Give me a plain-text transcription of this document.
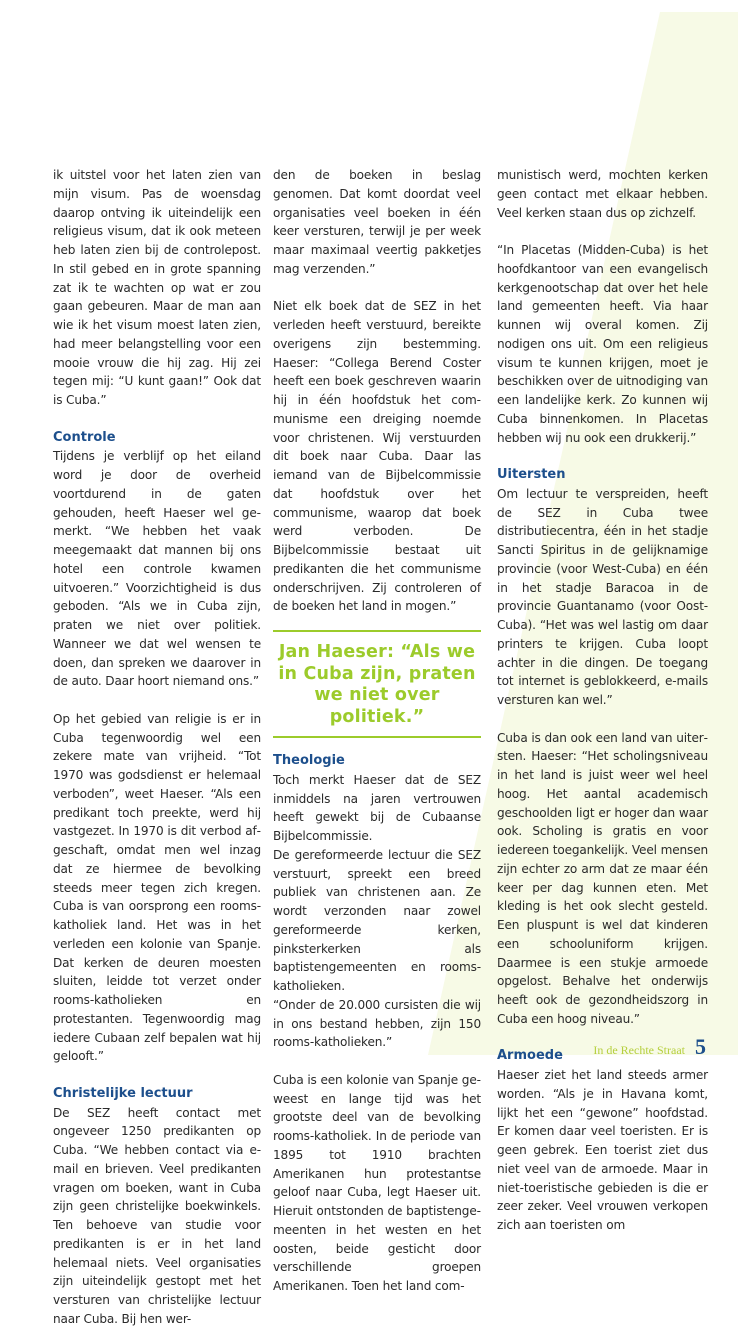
ik uitstel voor het laten zien van mijn visum. Pas de woensdag daarop ontving ik uiteindelijk een religieus visum, dat ik ook meteen heb laten zien bij de controlepost. In stil gebed en in grote spanning zat ik te wachten op wat er zou gaan gebeuren. Maar de man aan wie ik het visum moest laten zien, had meer belangstelling voor een mooie vrouw die hij zag. Hij zei tegen mij: “U kunt gaan!” Ook dat is Cuba.”

Controle

Tijdens je verblijf op het eiland word je door de overheid voortdurend in de gaten gehouden, heeft Haeser wel gemerkt. “We hebben het vaak meegemaakt dat mannen bij ons hotel een controle kwamen uitvoeren.” Voorzichtigheid is dus geboden. “Als we in Cuba zijn, praten we niet over politiek. Wanneer we dat wel wensen te doen, dan spreken we daarover in de auto. Daar hoort niemand ons.”

Op het gebied van religie is er in Cuba tegenwoordig wel een zekere mate van vrijheid. “Tot 1970 was godsdienst er helemaal verboden”, weet Haeser. “Als een predikant toch preekte, werd hij vastgezet. In 1970 is dit verbod afgeschaft, omdat men wel inzag dat ze hiermee de bevolking steeds meer tegen zich kregen. Cuba is van oorsprong een rooms-katholiek land. Het was in het verleden een kolonie van Spanje. Dat kerken de deuren moesten sluiten, leidde tot verzet onder rooms-katholieken en protestanten. Tegenwoordig mag iedere Cubaan zelf bepalen wat hij gelooft.”

Christelijke lectuur

De SEZ heeft contact met ongeveer 1250 predikanten op Cuba. “We hebben contact via e-mail en brieven. Veel predikanten vragen om boeken, want in Cuba zijn geen christelijke boekwinkels. Ten behoeve van studie voor predikanten is er in het land helemaal niets. Veel organisaties zijn uiteindelijk gestopt met het versturen van christelijke lectuur naar Cuba. Bij hen wer-

den de boeken in beslag genomen. Dat komt doordat veel organisaties veel boeken in één keer versturen, terwijl je per week maar maximaal veertig pakketjes mag verzenden.”

Niet elk boek dat de SEZ in het verleden heeft verstuurd, bereikte overigens zijn bestemming. Haeser: “Collega Berend Coster heeft een boek geschreven waarin hij in één hoofdstuk het communisme een dreiging noemde voor christenen. Wij verstuurden dit boek naar Cuba. Daar las iemand van de Bijbelcommissie dat hoofdstuk over het communisme, waarop dat boek werd verboden. De Bijbelcommissie bestaat uit predikanten die het communisme onderschrijven. Zij controleren of de boeken het land in mogen.”

Jan Haeser: “Als we in Cuba zijn, praten we niet over politiek.”
Theologie

Toch merkt Haeser dat de SEZ inmiddels na jaren vertrouwen heeft gewekt bij de Cubaanse Bijbelcommissie.

De gereformeerde lectuur die SEZ verstuurt, spreekt een breed publiek van christenen aan. Ze wordt verzonden naar zowel gereformeerde kerken, pinksterkerken als baptistengemeenten en rooms-katholieken.

“Onder de 20.000 cursisten die wij in ons bestand hebben, zijn 150 rooms-katholieken.”

Cuba is een kolonie van Spanje geweest en lange tijd was het grootste deel van de bevolking rooms-katholiek. In de periode van 1895 tot 1910 brachten Amerikanen hun protestantse geloof naar Cuba, legt Haeser uit. Hieruit ontstonden de baptistengemeenten in het westen en het oosten, beide gesticht door verschillende groepen Amerikanen. Toen het land com-

munistisch werd, mochten kerken geen contact met elkaar hebben. Veel kerken staan dus op zichzelf.

“In Placetas (Midden-Cuba) is het hoofdkantoor van een evangelisch kerkgenootschap dat over het hele land gemeenten heeft. Via haar kunnen wij overal komen. Zij nodigen ons uit. Om een religieus visum te kunnen krijgen, moet je beschikken over de uitnodiging van een landelijke kerk. Zo kunnen wij Cuba binnenkomen. In Placetas hebben wij nu ook een drukkerij.”

Uitersten

Om lectuur te verspreiden, heeft de SEZ in Cuba twee distributiecentra, één in het stadje Sancti Spiritus in de gelijknamige provincie (voor West-Cuba) en één in het stadje Baracoa in de provincie Guantanamo (voor Oost-Cuba). “Het was wel lastig om daar printers te krijgen. Cuba loopt achter in die dingen. De toegang tot internet is geblokkeerd, e-mails versturen kan wel.”

Cuba is dan ook een land van uitersten. Haeser: “Het scholingsniveau in het land is juist weer wel heel hoog. Het aantal academisch geschoolden ligt er hoger dan waar ook. Scholing is gratis en voor iedereen toegankelijk. Veel mensen zijn echter zo arm dat ze maar één keer per dag kunnen eten. Met kleding is het ook slecht gesteld. Een pluspunt is wel dat kinderen een schooluniform krijgen. Daarmee is een stukje armoede opgelost. Behalve het onderwijs heeft ook de gezondheidszorg in Cuba een hoog niveau.”

Armoede

Haeser ziet het land steeds armer worden. “Als je in Havana komt, lijkt het een “gewone” hoofdstad. Er komen daar veel toeristen. Er is geen gebrek. Een toerist ziet dus niet veel van de armoede. Maar in niet-toeristische gebieden is die er zeer zeker. Veel vrouwen verkopen zich aan toeristen om

In de Rechte Straat 5
